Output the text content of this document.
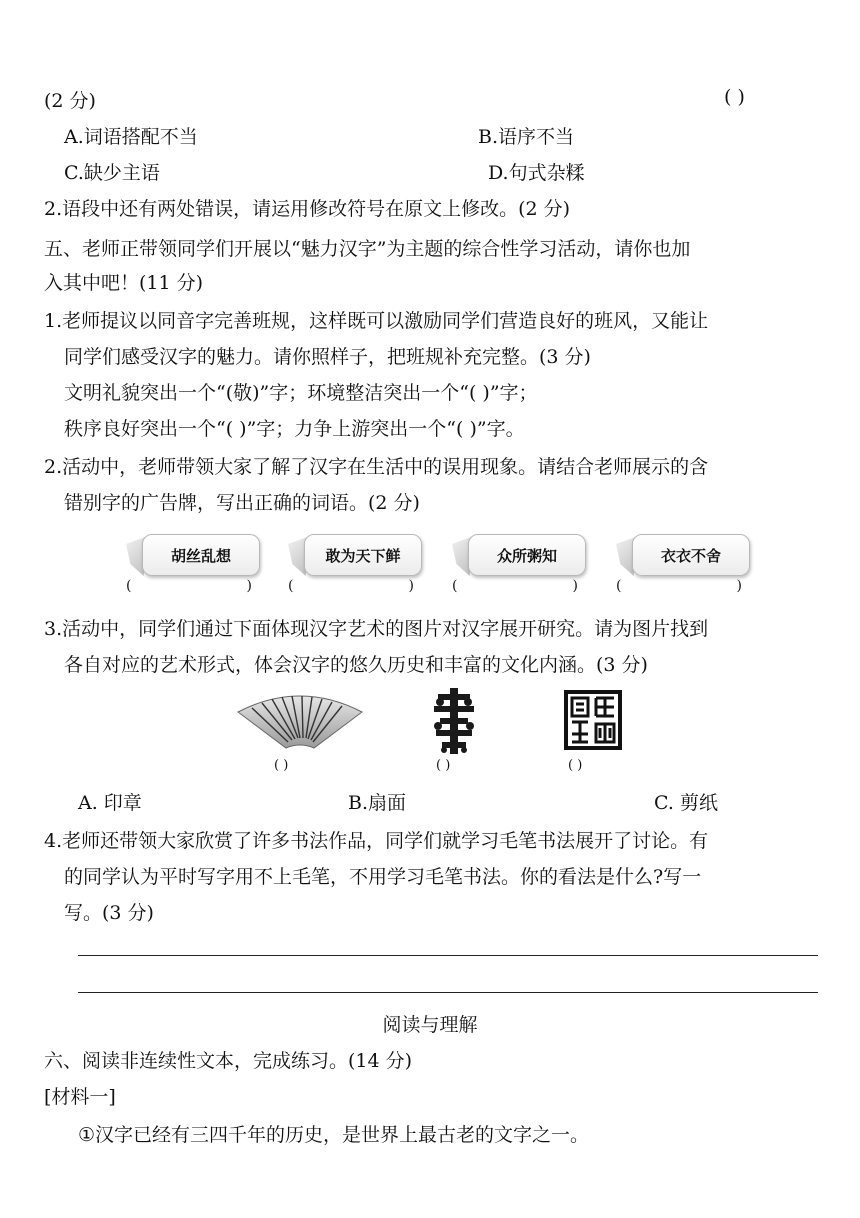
(2 分)	( )
A.词语搭配不当	B.语序不当
C.缺少主语	D.句式杂糅
2.语段中还有两处错误，请运用修改符号在原文上修改。(2 分)
五、老师正带领同学们开展以“魅力汉字”为主题的综合性学习活动，请你也加
入其中吧！(11 分)
1.老师提议以同音字完善班规，这样既可以激励同学们营造良好的班风，又能让
同学们感受汉字的魅力。请你照样子，把班规补充完整。(3 分)
文明礼貌突出一个“(敬)”字；环境整洁突出一个“( )”字；
秩序良好突出一个“( )”字；力争上游突出一个“( )”字。
2.活动中，老师带领大家了解了汉字在生活中的误用现象。请结合老师展示的含
错别字的广告牌，写出正确的词语。(2 分)
胡丝乱想
(	)
敢为天下鲜
(	)
众所粥知
(	)
衣衣不舍
(	)
3.活动中，同学们通过下面体现汉字艺术的图片对汉字展开研究。请为图片找到
各自对应的艺术形式，体会汉字的悠久历史和丰富的文化内涵。(3 分)
( )	( )	( )
A. 印章	B.扇面	C. 剪纸
4.老师还带领大家欣赏了许多书法作品，同学们就学习毛笔书法展开了讨论。有
的同学认为平时写字用不上毛笔，不用学习毛笔书法。你的看法是什么?写一
写。(3 分)
阅读与理解
六、阅读非连续性文本，完成练习。(14 分)
[材料一]
①汉字已经有三四千年的历史，是世界上最古老的文字之一。
